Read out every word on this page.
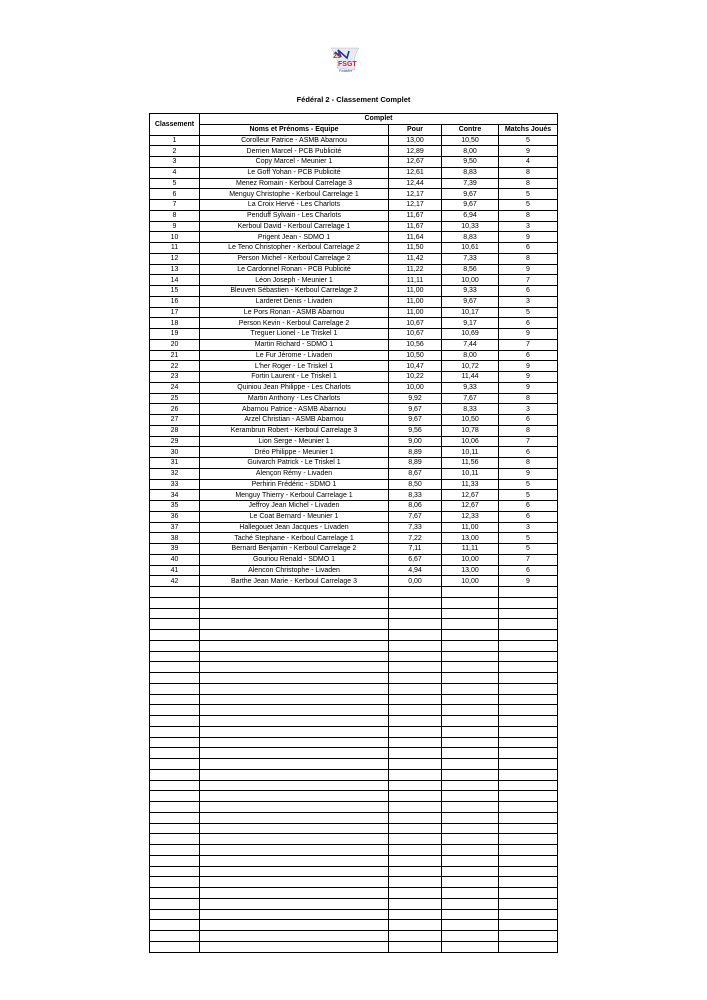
29
FSGT
Finistère
Fédéral 2 - Classement Complet
Classement	Complet			
	Noms et Prénoms - Equipe	Pour	Contre	Matchs Joués
1	Corolleur Patrice - ASMB Abarnou	13,00	10,50	5
2	Derrien Marcel - PCB Publicité	12,89	8,00	9
3	Copy Marcel - Meunier 1	12,67	9,50	4
4	Le Goff Yohan - PCB Publicité	12,61	8,83	8
5	Menez Romain - Kerboul Carrelage 3	12,44	7,39	8
6	Menguy Christophe - Kerboul Carrelage 1	12,17	9,67	5
7	La Croix Hervé - Les Charlots	12,17	9,67	5
8	Penduff Sylvain - Les Charlots	11,67	6,94	8
9	Kerboul David - Kerboul Carrelage 1	11,67	10,33	3
10	Prigent Jean - SDMO 1	11,64	8,83	9
11	Le Teno Christopher - Kerboul Carrelage 2	11,50	10,61	6
12	Person Michel - Kerboul Carrelage 2	11,42	7,33	8
13	Le Cardonnel Ronan - PCB Publicité	11,22	8,56	9
14	Léon Joseph - Meunier 1	11,11	10,00	7
15	Bleuven Sébastien - Kerboul Carrelage 2	11,00	9,33	6
16	Larderet Denis - Livaden	11,00	9,67	3
17	Le Pors Ronan - ASMB Abarnou	11,00	10,17	5
18	Person Kevin - Kerboul Carrelage 2	10,67	9,17	6
19	Treguer Lionel - Le Triskel 1	10,67	10,69	9
20	Martin Richard - SDMO 1	10,56	7,44	7
21	Le Fur Jérome - Livaden	10,50	8,00	6
22	L'her Roger - Le Triskel 1	10,47	10,72	9
23	Fortin Laurent - Le Triskel 1	10,22	11,44	9
24	Quiniou Jean Philippe - Les Charlots	10,00	9,33	9
25	Martin Anthony - Les Charlots	9,92	7,67	8
26	Abarnou Patrice - ASMB Abarnou	9,67	8,33	3
27	Arzel Christian - ASMB Abarnou	9,67	10,50	6
28	Kerambrun Robert - Kerboul Carrelage 3	9,56	10,78	8
29	Lion Serge - Meunier 1	9,00	10,06	7
30	Dréo Philippe - Meunier 1	8,89	10,11	6
31	Guivarch Patrick - Le Triskel 1	8,89	11,56	8
32	Alençon Rémy - Livaden	8,67	10,11	9
33	Perhirin Frédéric - SDMO 1	8,50	11,33	5
34	Menguy Thierry - Kerboul Carrelage 1	8,33	12,67	5
35	Jeffroy Jean Michel - Livaden	8,06	12,67	6
36	Le Coat Bernard - Meunier 1	7,67	12,33	6
37	Hallegouet Jean Jacques - Livaden	7,33	11,00	3
38	Taché Stephane - Kerboul Carrelage 1	7,22	13,00	5
39	Bernard Benjamin - Kerboul Carrelage 2	7,11	11,11	5
40	Gouriou Renald - SDMO 1	6,67	10,00	7
41	Alencon Christophe - Livaden	4,94	13,00	6
42	Barthe Jean Marie - Kerboul Carrelage 3	0,00	10,00	9
